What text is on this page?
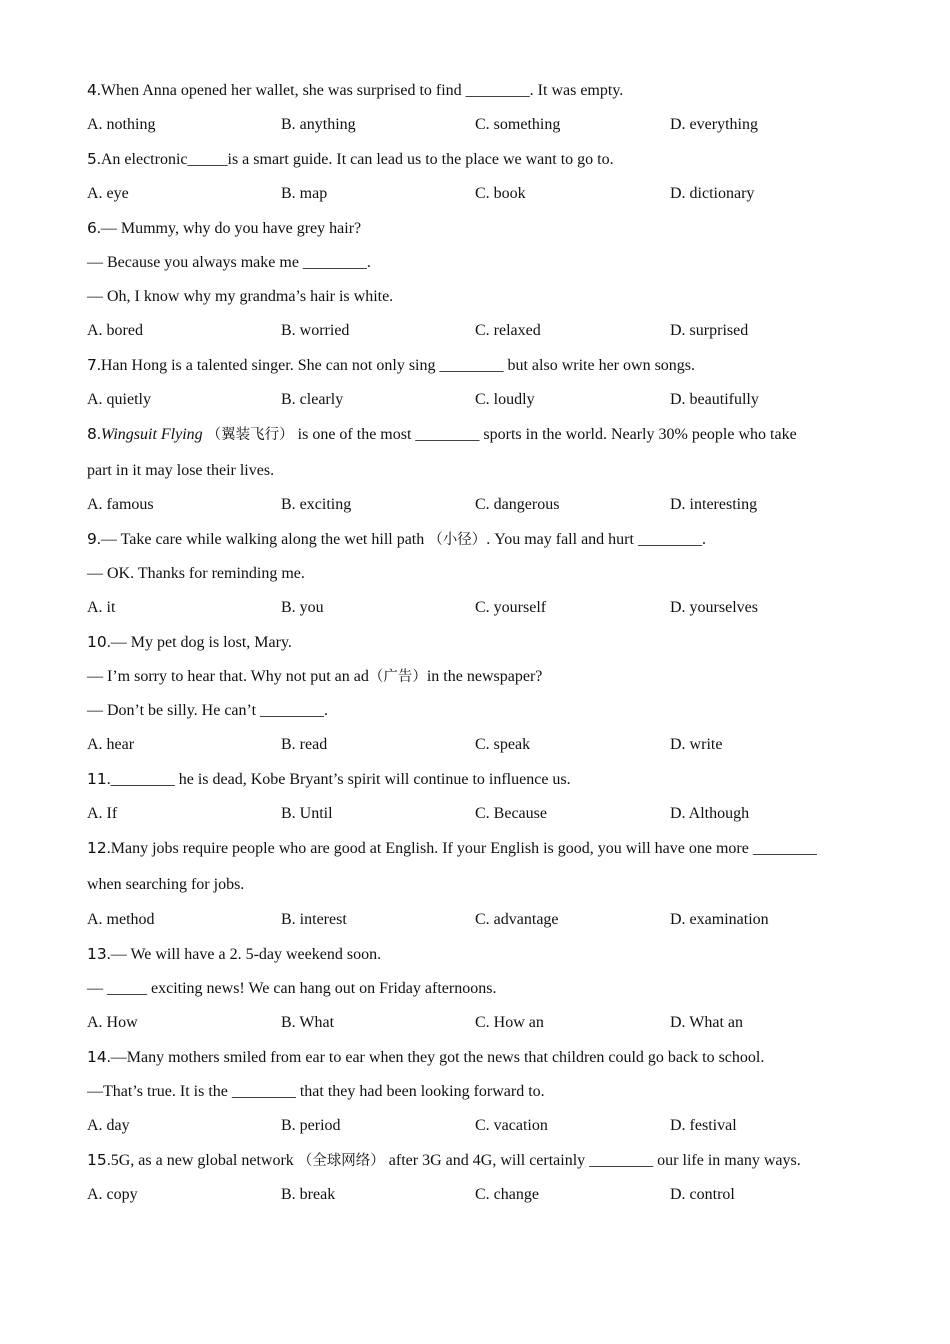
4.When Anna opened her wallet, she was surprised to find ________. It was empty.
A. nothing	B. anything	C. something	D. everything
5.An electronic_____is a smart guide. It can lead us to the place we want to go to.
A. eye	B. map	C. book	D. dictionary
6.— Mummy, why do you have grey hair?
— Because you always make me ________.
— Oh, I know why my grandma’s hair is white.
A. bored	B. worried	C. relaxed	D. surprised
7.Han Hong is a talented singer. She can not only sing ________ but also write her own songs.
A. quietly	B. clearly	C. loudly	D. beautifully
8.Wingsuit Flying （翼装飞行） is one of the most ________ sports in the world. Nearly 30% people who take
part in it may lose their lives.
A. famous	B. exciting	C. dangerous	D. interesting
9.— Take care while walking along the wet hill path （小径）. You may fall and hurt ________.
— OK. Thanks for reminding me.
A. it	B. you	C. yourself	D. yourselves
10.— My pet dog is lost, Mary.
— I’m sorry to hear that. Why not put an ad（广告）in the newspaper?
— Don’t be silly. He can’t ________.
A. hear	B. read	C. speak	D. write
11.________ he is dead, Kobe Bryant’s spirit will continue to influence us.
A. If	B. Until	C. Because	D. Although
12.Many jobs require people who are good at English. If your English is good, you will have one more ________
when searching for jobs.
A. method	B. interest	C. advantage	D. examination
13.— We will have a 2. 5-day weekend soon.
— _____ exciting news! We can hang out on Friday afternoons.
A. How	B. What	C. How an	D. What an
14.—Many mothers smiled from ear to ear when they got the news that children could go back to school.
—That’s true. It is the ________ that they had been looking forward to.
A. day	B. period	C. vacation	D. festival
15.5G, as a new global network （全球网络） after 3G and 4G, will certainly ________ our life in many ways.
A. copy	B. break	C. change	D. control
